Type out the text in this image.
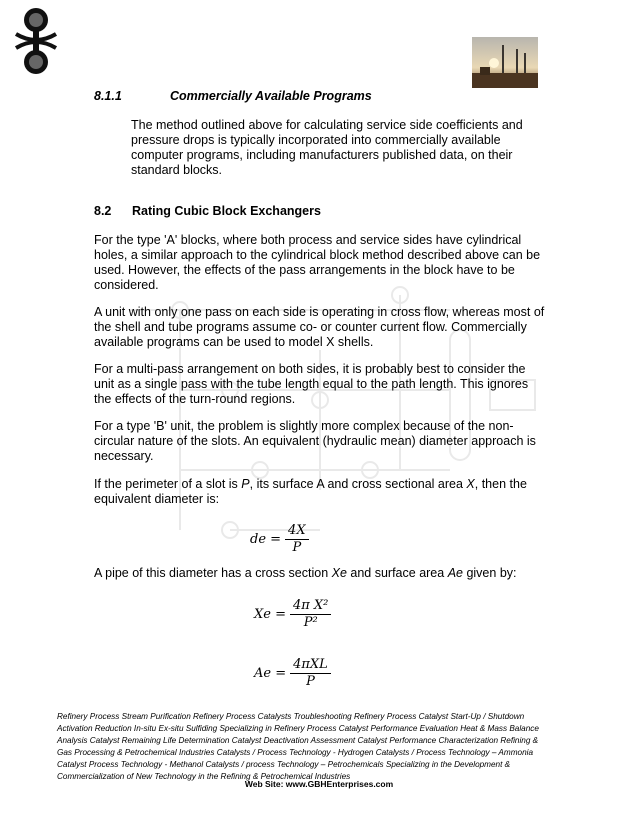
8.1.1	Commercially Available Programs

The method outlined above for calculating service side coefficients and pressure drops is typically incorporated into commercially available computer programs, including manufacturers published data, on their standard blocks.

8.2 Rating Cubic Block Exchangers

For the type 'A' blocks, where both process and service sides have cylindrical holes, a similar approach to the cylindrical block method described above can be used. However, the effects of the pass arrangements in the block have to be considered.

A unit with only one pass on each side is operating in cross flow, whereas most of the shell and tube programs assume co- or counter current flow. Commercially available programs can be used to model X shells.

For a multi-pass arrangement on both sides, it is probably best to consider the unit as a single pass with the tube length equal to the path length. This ignores the effects of the turn-round regions.

For a type 'B' unit, the problem is slightly more complex because of the non-circular nature of the slots. An equivalent (hydraulic mean) diameter approach is necessary.

If the perimeter of a slot is P, its surface A and cross sectional area X, then the equivalent diameter is:

de = $\frac{4X}{P}$

A pipe of this diameter has a cross section Xe and surface area Ae given by:

$Xe = \frac{\text{4π X²}}{\text{P²}}$
$Ae = \frac{\text{4πXL}}{P}$

Refinery Process Stream Purification Refinery Process Catalysts Troubleshooting Refinery Process Catalyst Start-Up / Shutdown Activation Reduction In-situ Ex-situ Sulfiding Specializing in Refinery Process Catalyst Performance Evaluation Heat & Mass Balance Analysis Catalyst Remaining Life Determination Catalyst Deactivation Assessment Catalyst Performance Characterization Refining & Gas Processing & Petrochemical Industries Catalysts / Process Technology - Hydrogen Catalysts / Process Technology – Ammonia Catalyst Process Technology - Methanol Catalysts / process Technology – Petrochemicals Specializing in the Development & Commercialization of New Technology in the Refining & Petrochemical Industries

Web Site: www.GBHEnterprises.com
